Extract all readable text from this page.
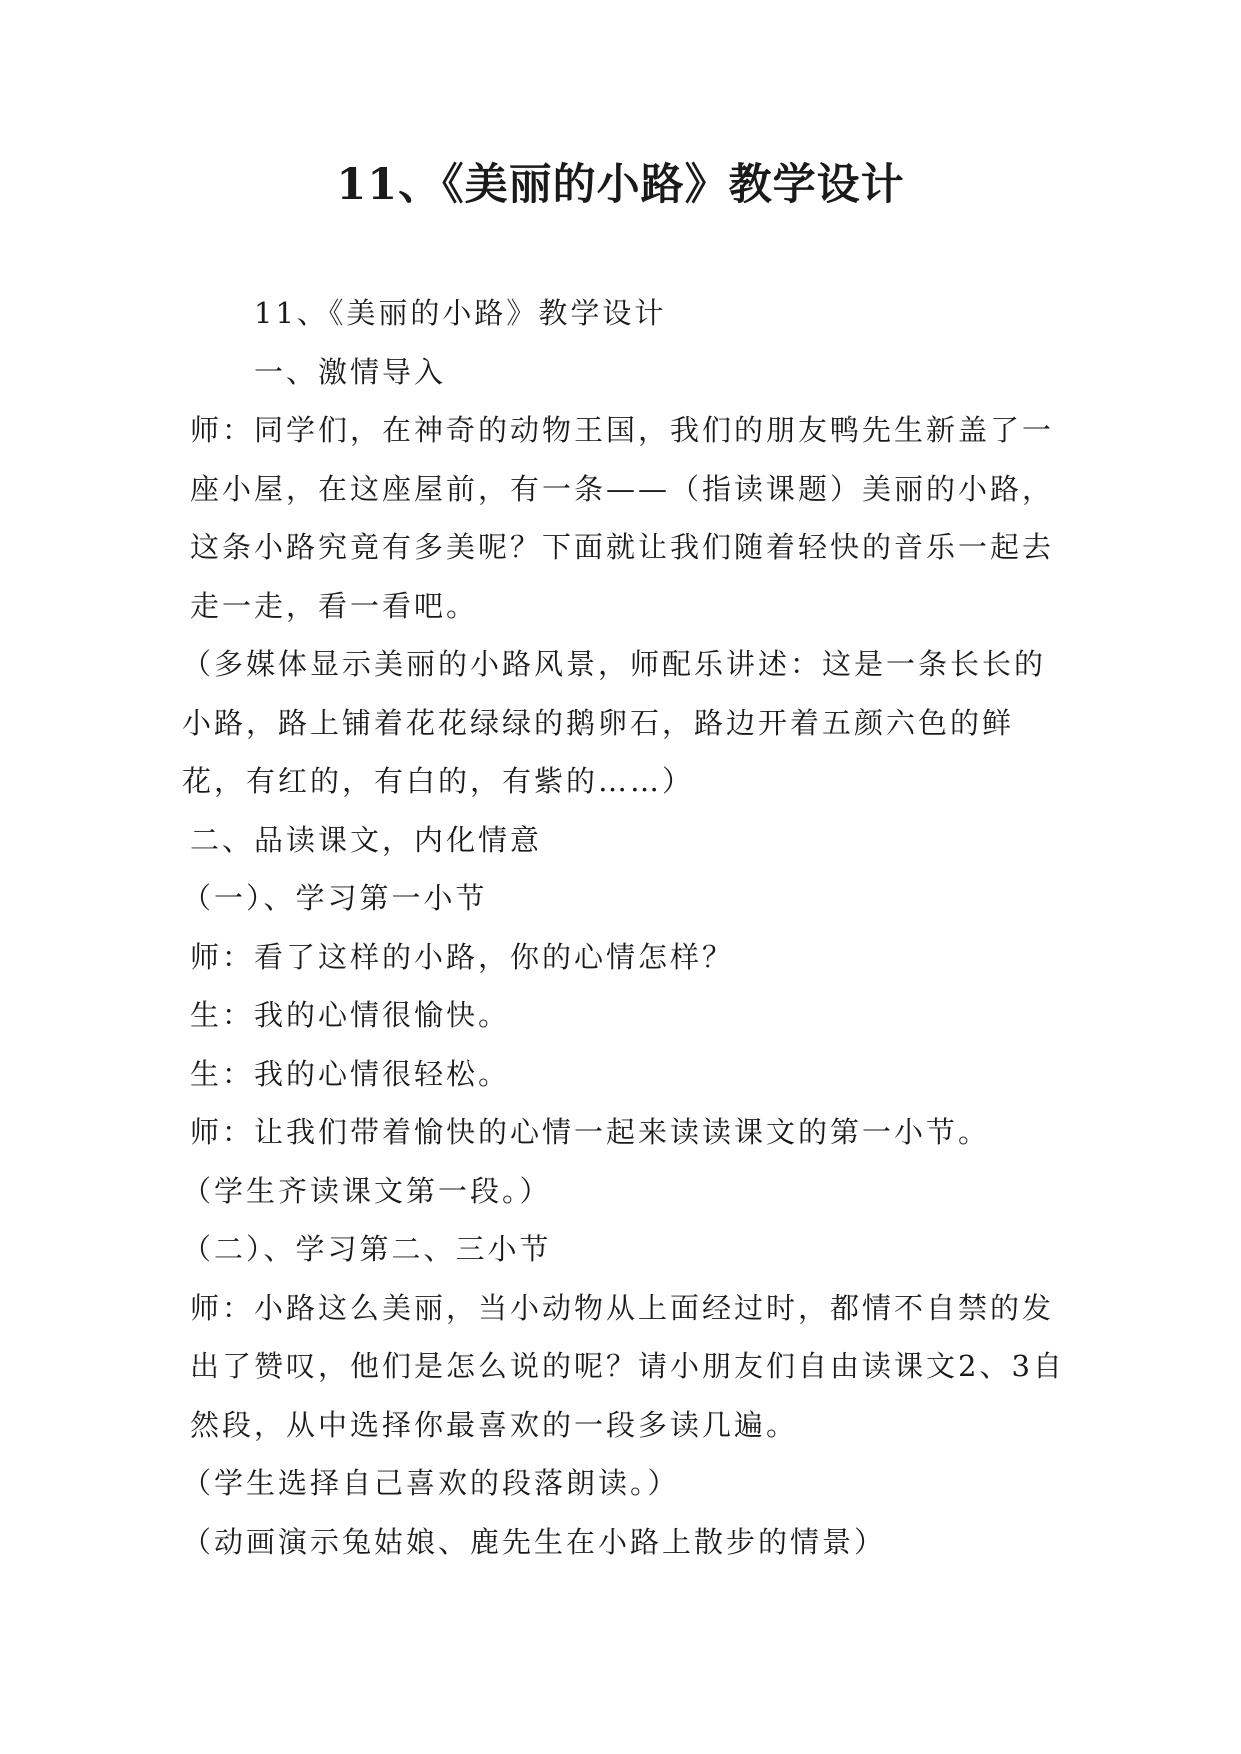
11、《美丽的小路》教学设计

11、《美丽的小路》教学设计

一、激情导入

师：同学们，在神奇的动物王国，我们的朋友鸭先生新盖了一座小屋，在这座屋前，有一条——（指读课题）美丽的小路，这条小路究竟有多美呢？下面就让我们随着轻快的音乐一起去走一走，看一看吧。

（多媒体显示美丽的小路风景，师配乐讲述：这是一条长长的小路，路上铺着花花绿绿的鹅卵石，路边开着五颜六色的鲜花，有红的，有白的，有紫的……）

二、品读课文，内化情意

（一）、学习第一小节

师：看了这样的小路，你的心情怎样？

生：我的心情很愉快。

生：我的心情很轻松。

师：让我们带着愉快的心情一起来读读课文的第一小节。

（学生齐读课文第一段。）

（二）、学习第二、三小节

师：小路这么美丽，当小动物从上面经过时，都情不自禁的发出了赞叹，他们是怎么说的呢？请小朋友们自由读课文2、3自然段，从中选择你最喜欢的一段多读几遍。

（学生选择自己喜欢的段落朗读。）

（动画演示兔姑娘、鹿先生在小路上散步的情景）
